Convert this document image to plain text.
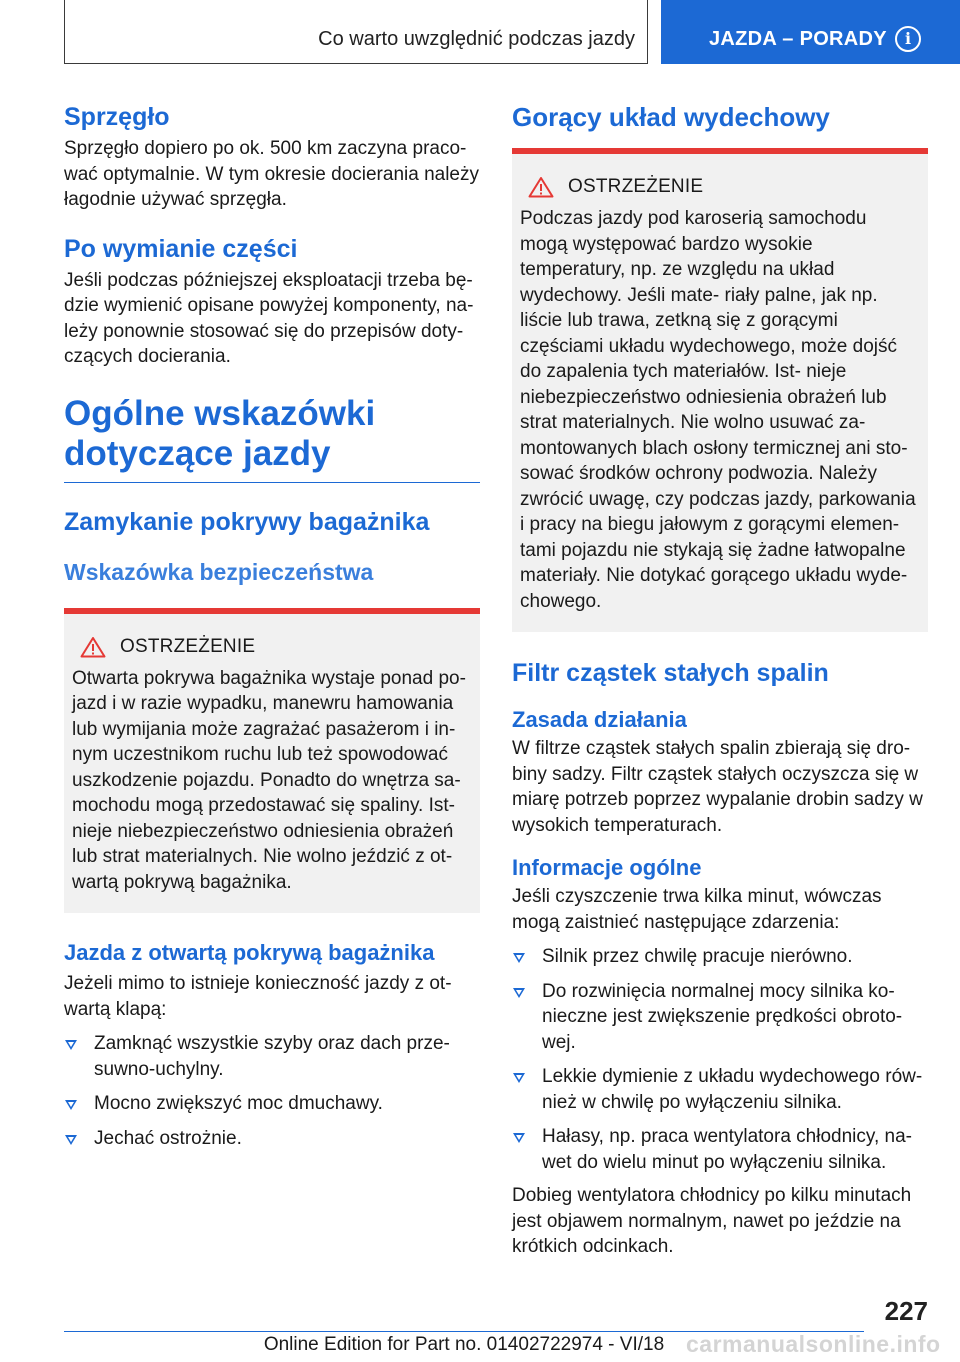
Co warto uwzględnić podczas jazdy	JAZDA – PORADY	i
Sprzęgło

Sprzęgło dopiero po ok. 500 km zaczyna praco- wać optymalnie. W tym okresie docierania należy łagodnie używać sprzęgła.

Po wymianie części

Jeśli podczas późniejszej eksploatacji trzeba bę- dzie wymienić opisane powyżej komponenty, na- leży ponownie stosować się do przepisów doty- czących docierania.

Ogólne wskazówki dotyczące jazdy
Zamykanie pokrywy bagażnika
Wskazówka bezpieczeństwa
OSTRZEŻENIE

Otwarta pokrywa bagażnika wystaje ponad po- jazd i w razie wypadku, manewru hamowania lub wymijania może zagrażać pasażerom i in- nym uczestnikom ruchu lub też spowodować uszkodzenie pojazdu. Ponadto do wnętrza sa- mochodu mogą przedostawać się spaliny. Ist- nieje niebezpieczeństwo odniesienia obrażeń lub strat materialnych. Nie wolno jeździć z ot- wartą pokrywą bagażnika.

Jazda z otwartą pokrywą bagażnika

Jeżeli mimo to istnieje konieczność jazdy z ot- wartą klapą:

Zamknąć wszystkie szyby oraz dach prze- suwno-uchylny.
Mocno zwiększyć moc dmuchawy.
Jechać ostrożnie.
Gorący układ wydechowy
OSTRZEŻENIE

Podczas jazdy pod karoserią samochodu mogą występować bardzo wysokie temperatury, np. ze względu na układ wydechowy. Jeśli mate- riały palne, jak np. liście lub trawa, zetkną się z gorącymi częściami układu wydechowego, może dojść do zapalenia tych materiałów. Ist- nieje niebezpieczeństwo odniesienia obrażeń lub strat materialnych. Nie wolno usuwać za- montowanych blach osłony termicznej ani sto- sować środków ochrony podwozia. Należy zwrócić uwagę, czy podczas jazdy, parkowania i pracy na biegu jałowym z gorącymi elemen- tami pojazdu nie stykają się żadne łatwopalne materiały. Nie dotykać gorącego układu wyde- chowego.

Filtr cząstek stałych spalin
Zasada działania

W filtrze cząstek stałych spalin zbierają się dro- biny sadzy. Filtr cząstek stałych oczyszcza się w miarę potrzeb poprzez wypalanie drobin sadzy w wysokich temperaturach.

Informacje ogólne

Jeśli czyszczenie trwa kilka minut, wówczas mogą zaistnieć następujące zdarzenia:

Silnik przez chwilę pracuje nierówno.
Do rozwinięcia normalnej mocy silnika ko- nieczne jest zwiększenie prędkości obroto- wej.
Lekkie dymienie z układu wydechowego rów- nież w chwilę po wyłączeniu silnika.
Hałasy, np. praca wentylatora chłodnicy, na- wet do wielu minut po wyłączeniu silnika.

Dobieg wentylatora chłodnicy po kilku minutach jest objawem normalnym, nawet po jeździe na krótkich odcinkach.

227
Online Edition for Part no. 01402722974 - VI/18 carmanualsonline.info
